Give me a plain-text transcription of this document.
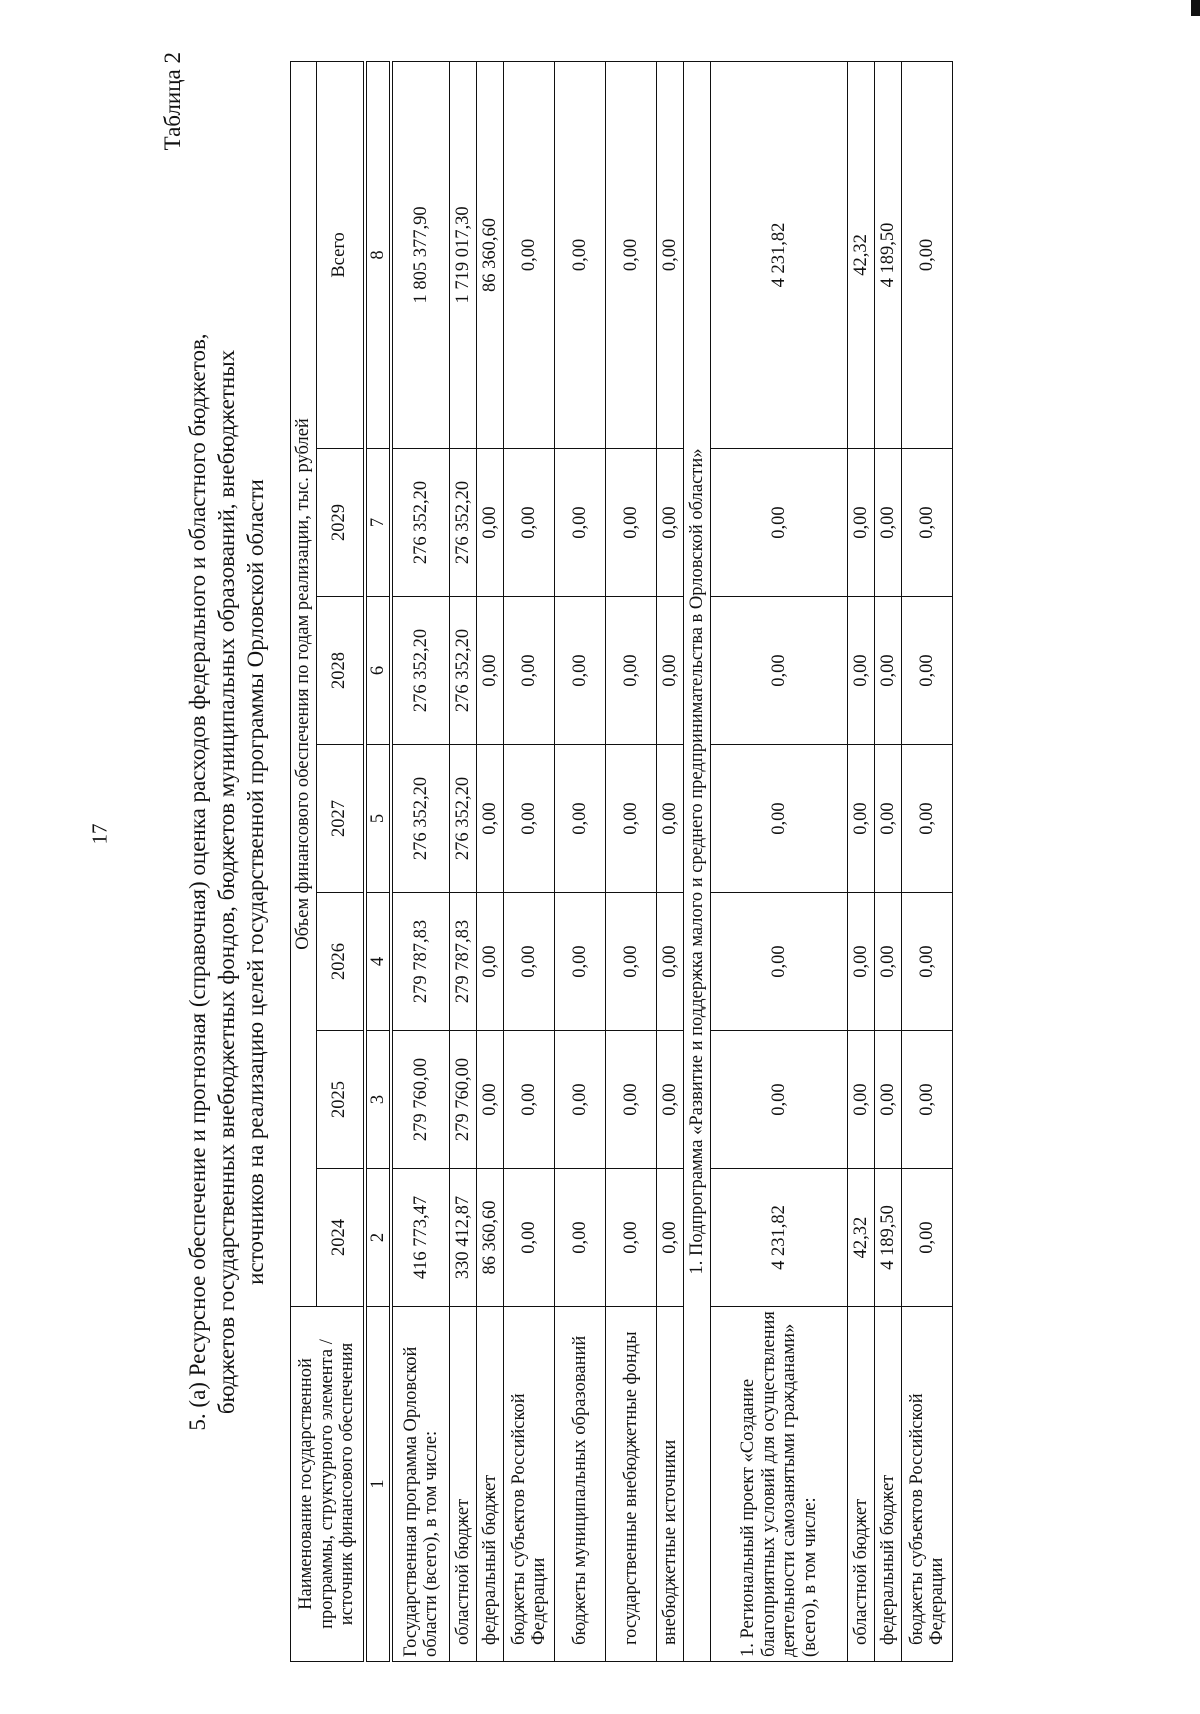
17
Таблица 2
5. (а) Ресурсное обеспечение и прогнозная (справочная) оценка расходов федерального и областного бюджетов, бюджетов государственных внебюджетных фондов, бюджетов муниципальных образований, внебюджетных источников на реализацию целей государственной программы Орловской области
Наименование государственной программы, структурного элемента / источник финансового обеспечения	Объем финансового обеспечения по годам реализации, тыс. рублей						
	2024	2025	2026	2027	2028	2029	Всего
1	2	3	4	5	6	7	8
Государственная программа Орловской области (всего), в том числе:	416 773,47	279 760,00	279 787,83	276 352,20	276 352,20	276 352,20	1 805 377,90
областной бюджет	330 412,87	279 760,00	279 787,83	276 352,20	276 352,20	276 352,20	1 719 017,30
федеральный бюджет	86 360,60	0,00	0,00	0,00	0,00	0,00	86 360,60
бюджеты субъектов Российской Федерации	0,00	0,00	0,00	0,00	0,00	0,00	0,00
бюджеты муниципальных образований	0,00	0,00	0,00	0,00	0,00	0,00	0,00
государственные внебюджетные фонды	0,00	0,00	0,00	0,00	0,00	0,00	0,00
внебюджетные источники	0,00	0,00	0,00	0,00	0,00	0,00	0,00
1. Подпрограмма «Развитие и поддержка малого и среднего предпринимательства в Орловской области»							
1. Региональный проект «Создание благоприятных условий для осуществления деятельности самозанятыми гражданами» (всего), в том числе:	4 231,82	0,00	0,00	0,00	0,00	0,00	4 231,82
областной бюджет	42,32	0,00	0,00	0,00	0,00	0,00	42,32
федеральный бюджет	4 189,50	0,00	0,00	0,00	0,00	0,00	4 189,50
бюджеты субъектов Российской Федерации	0,00	0,00	0,00	0,00	0,00	0,00	0,00
